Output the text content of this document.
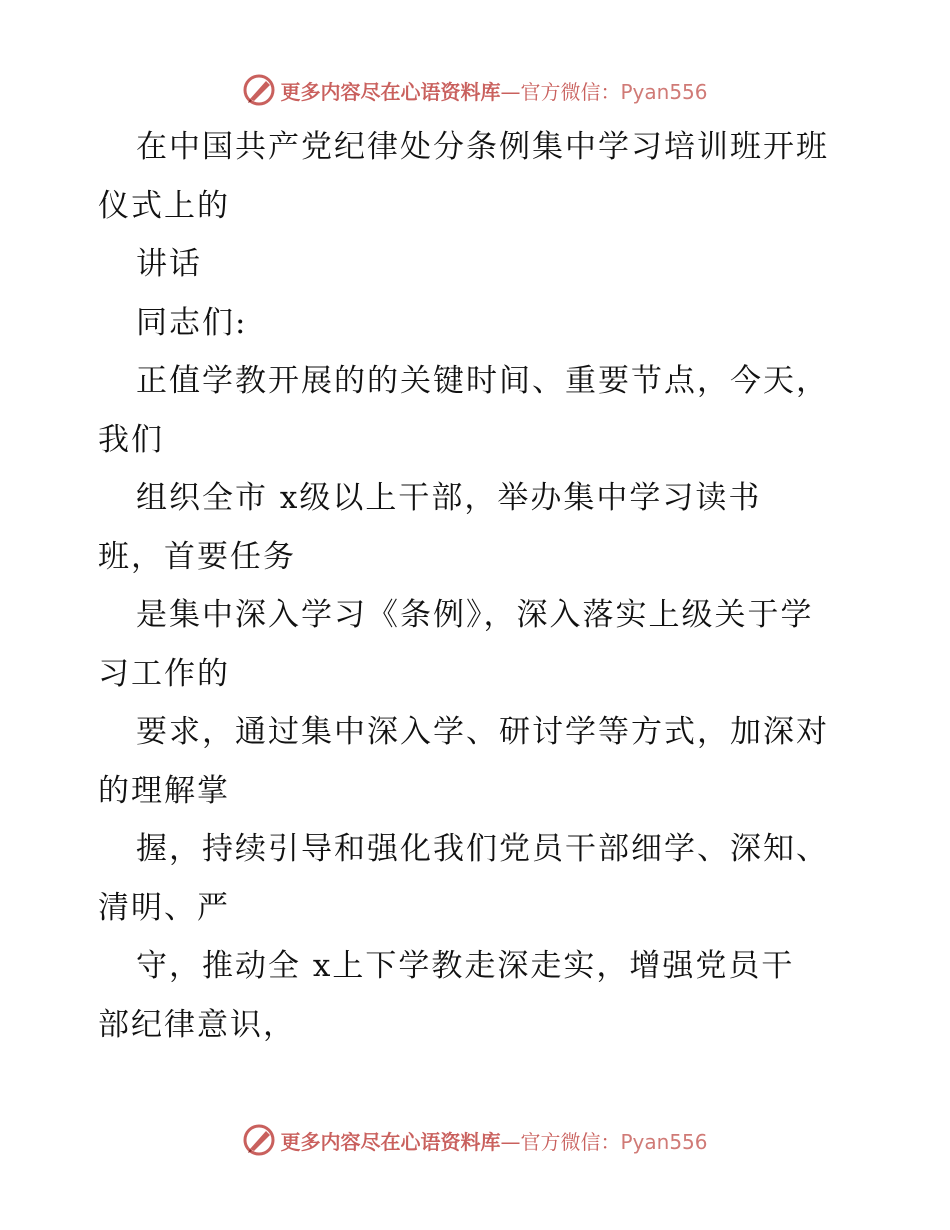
更多内容尽在心语资料库—官方微信：Pyan556
在中国共产党纪律处分条例集中学习培训班开班
仪式上的
讲话
同志们:
正值学教开展的的关键时间、重要节点，今天，
我们
组织全市 x级以上干部，举办集中学习读书
班，首要任务
是集中深入学习《条例》，深入落实上级关于学
习工作的
要求，通过集中深入学、研讨学等方式，加深对
的理解掌
握，持续引导和强化我们党员干部细学、深知、
清明、严
守，推动全 x上下学教走深走实，增强党员干
部纪律意识，
更多内容尽在心语资料库—官方微信：Pyan556
